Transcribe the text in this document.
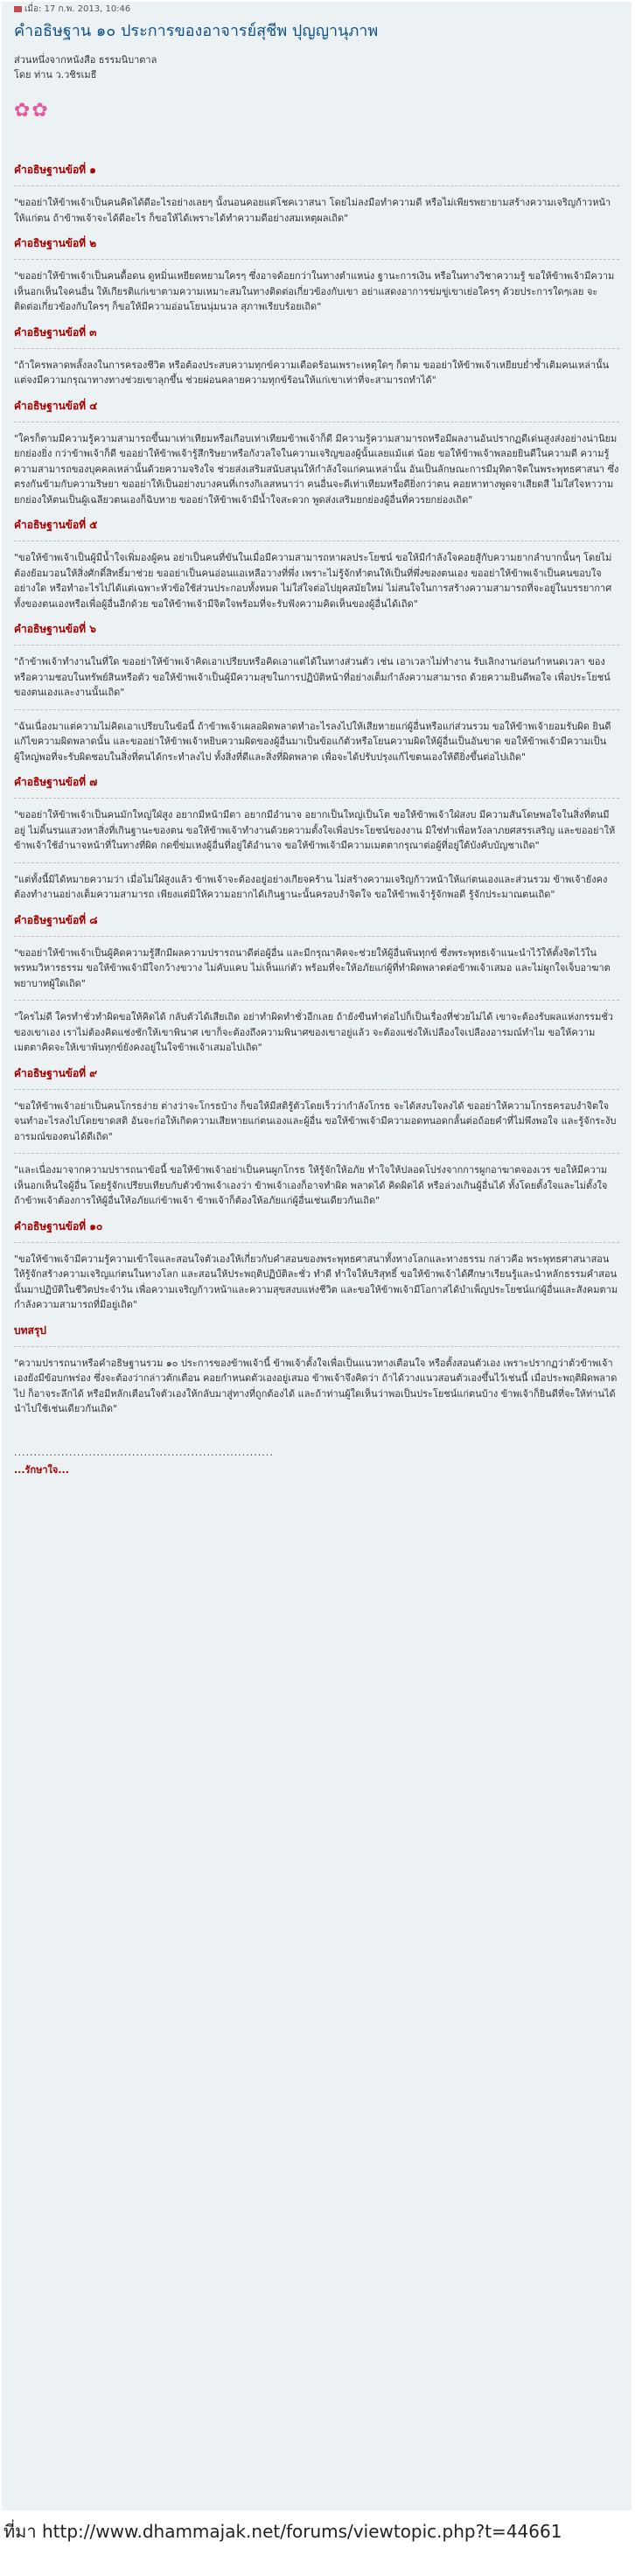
เมื่อ: 17 ก.พ. 2013, 10:46
คำอธิษฐาน ๑๐ ประการของอาจารย์สุชีพ ปุญญานุภาพ

ส่วนหนึ่งจากหนังสือ ธรรมนิบาตาล

โดย ท่าน ว.วชิรเมธี

✿✿
คำอธิษฐานข้อที่ ๑

"ขออย่าให้ข้าพเจ้าเป็นคนคิดได้ดีอะไรอย่างเลยๆ นั้งนอนคอยแต่โชคเวาสนา โดยไม่ลงมือทำความดี หรือไม่เพียรพยายามสร้างความเจริญก้าวหน้าให้แก่ตน ถ้าข้าพเจ้าจะได้ดีอะไร ก็ขอให้ได้เพราะได้ทำความดีอย่างสมเหตุผลเถิด"

คำอธิษฐานข้อที่ ๒

"ขออย่าให้ข้าพเจ้าเป็นคนดื้อดน ดูหมิ่นเหยียดหยามใครๆ ซึ่งอาจด้อยกว่าในทางตำแหน่ง ฐานะการเงิน หรือในทางวิชาความรู้ ขอให้ข้าพเจ้ามีความเห็นอกเห็นใจคนอื่น ให้เกียรติแก่เขาตามความเหมาะสมในทางติดต่อเกี่ยวข้องกับเขา อย่าแสดงอาการข่มขู่เขาเย่อใครๆ ด้วยประการใดๆเลย จะติดต่อเกี่ยวข้องกับใครๆ ก็ขอให้มีความอ่อนโยนนุ่มนวล สุภาพเรียบร้อยเถิด"

คำอธิษฐานข้อที่ ๓

"ถ้าใครพลาดพลั้งลงในการครองชีวิต หรือต้องประสบความทุกข์ความเดือดร้อนเพราะเหตุใดๆ ก็ตาม ขออย่าให้ข้าพเจ้าเหยียบย่ำซ้ำเติมคนเหล่านั้น แต่จงมีความกรุณาทางทางช่วยเขาลุกขึ้น ช่วยผ่อนคลายความทุกข์ร้อนให้แก่เขาเท่าที่จะสามารถทำได้"

คำอธิษฐานข้อที่ ๔

"ใครก็ตามมีความรู้ความสามารถขึ้นมาเท่าเทียมหรือเกือบเท่าเทียมข้าพเจ้าก็ดี มีความรู้ความสามารถหรือมีผลงานอันปรากฏดีเด่นสูงส่งอย่างน่านิยมยกย่องยิ่ง กว่าข้าพเจ้าก็ดี ขออย่าให้ข้าพเจ้ารู้สึกริษยาหรือกังวลใจในความเจริญของผู้นั้นเลยแม้แต่ น้อย ขอให้ข้าพเจ้าพลอยยินดีในความดี ความรู้ ความสามารถของบุคคลเหล่านั้นด้วยความจริงใจ ช่วยส่งเสริมสนับสนุนให้กำลังใจแก่คนเหล่านั้น อันเป็นลักษณะการมีมุทิตาจิตในพระพุทธศาสนา ซึ่งตรงกันข้ามกับความริษยา ขออย่าให้เป็นอย่างบางคนที่เกรงกิเลสหนาว่า คนอื่นจะดีเท่าเทียมหรือดียิ่งกว่าตน คอยหาทางพูดจาเสียดสี ไม่ใส่ใจหาวามยกย่องให้ตนเป็นผู้เฉลียวตนเองก็ฉิบหาย ขออย่าให้ข้าพเจ้ามีน้ำใจสะดวก พูดส่งเสริมยกย่องผู้อื่นที่ควรยกย่องเถิด"

คำอธิษฐานข้อที่ ๕

"ขอให้ข้าพเจ้าเป็นผู้มีน้ำใจเพิ่มองผู้คน อย่าเป็นคนที่ขันในเมื่อมีความสามารถหาผลประโยชน์ ขอให้มีกำลังใจคอยสู้กับความยากลำบากนั้นๆ โดยไม่ต้องย้อมวอนให้สิ่งศักดิ์สิทธิ์มาช่วย ขออย่าเป็นคนอ่อนแอเหลือวางที่พึ่ง เพราะไม่รู้จักทำตนให้เป็นที่พึ่งของตนเอง ขออย่าให้ข้าพเจ้าเป็นคนขอบใจอย่างใด หรือทำอะไรไปได้แต่เฉพาะหัวข้อใช้ส่วนประกอบทั้งหมด ไม่ใส่ใจต่อไปยุคสมัยใหม่ ไม่สนใจในการสร้างความสามารถที่จะอยู่ในบรรยากาศทั้งของตนเองหรือเพื่อผู้อื่นอีกด้วย ขอให้ข้าพเจ้ามีจิตใจพร้อมที่จะรับฟังความคิดเห็นของผู้อื่นได้เถิด"

คำอธิษฐานข้อที่ ๖

"ถ้าข้าพเจ้าทำงานในที่ใด ขออย่าให้ข้าพเจ้าคิดเอาเปรียบหรือคิดเอาแต่ได้ในทางส่วนตัว เช่น เอาเวลาไม่ทำงาน รับเลิกงานก่อนกำหนดเวลา ของหรือความชอบในทรัพย์สินหรือตัว ขอให้ข้าพเจ้าเป็นผู้มีความสุขในการปฏิบัติหน้าที่อย่างเต็มกำลังความสามารถ ด้วยความยินดีพอใจ เพื่อประโยชน์ของตนเองและงานนั้นเถิด"

"ฉันเนื่องมาแต่ความไม่คิดเอาเปรียบในข้อนี้ ถ้าข้าพเจ้าเผลอผิดพลาดทำอะไรลงไปให้เสียหายแก่ผู้อื่นหรือแก่ส่วนรวม ขอให้ข้าพเจ้ายอมรับผิด ยินดีแก้ไขความผิดพลาดนั้น และขออย่าให้ข้าพเจ้าหยิบความผิดของผู้อื่นมาเป็นข้อแก้ตัวหรือโยนความผิดให้ผู้อื่นเป็นอันขาด ขอให้ข้าพเจ้ามีความเป็นผู้ใหญ่พอที่จะรับผิดชอบในสิ่งที่ตนได้กระทำลงไป ทั้งสิ่งที่ดีและสิ่งที่ผิดพลาด เพื่อจะได้ปรับปรุงแก้ไขตนเองให้ดียิ่งขึ้นต่อไปเถิด"

คำอธิษฐานข้อที่ ๗

"ขออย่าให้ข้าพเจ้าเป็นคนมักใหญ่ใฝ่สูง อยากมีหน้ามีตา อยากมีอำนาจ อยากเป็นใหญ่เป็นโต ขอให้ข้าพเจ้าใฝ่สงบ มีความสันโดษพอใจในสิ่งที่ตนมีอยู่ ไม่ดิ้นรนแสวงหาสิ่งที่เกินฐานะของตน ขอให้ข้าพเจ้าทำงานด้วยความตั้งใจเพื่อประโยชน์ของงาน มิใช่ทำเพื่อหวังลาภยศสรรเสริญ และขออย่าให้ข้าพเจ้าใช้อำนาจหน้าที่ในทางที่ผิด กดขี่ข่มเหงผู้อื่นที่อยู่ใต้อำนาจ ขอให้ข้าพเจ้ามีความเมตตากรุณาต่อผู้ที่อยู่ใต้บังคับบัญชาเถิด"

"แต่ทั้งนี้มิได้หมายความว่า เมื่อไม่ใฝ่สูงแล้ว ข้าพเจ้าจะต้องอยู่อย่างเกียจคร้าน ไม่สร้างความเจริญก้าวหน้าให้แก่ตนเองและส่วนรวม ข้าพเจ้ายังคงต้องทำงานอย่างเต็มความสามารถ เพียงแต่มิให้ความอยากได้เกินฐานะนั้นครอบงำจิตใจ ขอให้ข้าพเจ้ารู้จักพอดี รู้จักประมาณตนเถิด"

คำอธิษฐานข้อที่ ๘

"ขออย่าให้ข้าพเจ้าเป็นผู้คิดความรู้สึกมีผลความปรารถนาดีต่อผู้อื่น และมีกรุณาคิดจะช่วยให้ผู้อื่นพ้นทุกข์ ซึ่งพระพุทธเจ้าแนะนำไว้ให้ตั้งจิตไว้ในพรหมวิหารธรรม ขอให้ข้าพเจ้ามีใจกว้างขวาง ไม่คับแคบ ไม่เห็นแก่ตัว พร้อมที่จะให้อภัยแก่ผู้ที่ทำผิดพลาดต่อข้าพเจ้าเสมอ และไม่ผูกใจเจ็บอาฆาตพยาบาทผู้ใดเถิด"

"ใครไม่ดี ใครทำชั่วทำผิดขอให้คิดได้ กลับตัวได้เสียเถิด อย่าทำผิดทำชั่วอีกเลย ถ้ายังขืนทำต่อไปก็เป็นเรื่องที่ช่วยไม่ได้ เขาจะต้องรับผลแห่งกรรมชั่วของเขาเอง เราไม่ต้องคิดแช่งชักให้เขาพินาศ เขาก็จะต้องถึงความพินาศของเขาอยู่แล้ว จะต้องแช่งให้เปลืองใจเปลืองอารมณ์ทำไม ขอให้ความเมตตาคิดจะให้เขาพ้นทุกข์ยังคงอยู่ในใจข้าพเจ้าเสมอไปเถิด"

คำอธิษฐานข้อที่ ๙

"ขอให้ข้าพเจ้าอย่าเป็นคนโกรธง่าย ต่างว่าจะโกรธบ้าง ก็ขอให้มีสติรู้ตัวโดยเร็วว่ากำลังโกรธ จะได้สงบใจลงได้ ขออย่าให้ความโกรธครอบงำจิตใจจนทำอะไรลงไปโดยขาดสติ อันจะก่อให้เกิดความเสียหายแก่ตนเองและผู้อื่น ขอให้ข้าพเจ้ามีความอดทนอดกลั้นต่อถ้อยคำที่ไม่พึงพอใจ และรู้จักระงับอารมณ์ของตนได้ดีเถิด"

"และเนื่องมาจากความปรารถนาข้อนี้ ขอให้ข้าพเจ้าอย่าเป็นคนผูกโกรธ ให้รู้จักให้อภัย ทำใจให้ปลอดโปร่งจากการผูกอาฆาตจองเวร ขอให้มีความเห็นอกเห็นใจผู้อื่น โดยรู้จักเปรียบเทียบกับตัวข้าพเจ้าเองว่า ข้าพเจ้าเองก็อาจทำผิด พลาดได้ คิดผิดได้ หรือล่วงเกินผู้อื่นได้ ทั้งโดยตั้งใจและไม่ตั้งใจ ถ้าข้าพเจ้าต้องการให้ผู้อื่นให้อภัยแก่ข้าพเจ้า ข้าพเจ้าก็ต้องให้อภัยแก่ผู้อื่นเช่นเดียวกันเถิด"

คำอธิษฐานข้อที่ ๑๐

"ขอให้ข้าพเจ้ามีความรู้ความเข้าใจและสอนใจตัวเองให้เกี่ยวกับคำสอนของพระพุทธศาสนาทั้งทางโลกและทางธรรม กล่าวคือ พระพุทธศาสนาสอนให้รู้จักสร้างความเจริญแก่ตนในทางโลก และสอนให้ประพฤติปฏิบัติละชั่ว ทำดี ทำใจให้บริสุทธิ์ ขอให้ข้าพเจ้าได้ศึกษาเรียนรู้และนำหลักธรรมคำสอนนั้นมาปฏิบัติในชีวิตประจำวัน เพื่อความเจริญก้าวหน้าและความสุขสงบแห่งชีวิต และขอให้ข้าพเจ้ามีโอกาสได้บำเพ็ญประโยชน์แก่ผู้อื่นและสังคมตามกำลังความสามารถที่มีอยู่เถิด"

บทสรุป

"ความปรารถนาหรือคำอธิษฐานรวม ๑๐ ประการของข้าพเจ้านี้ ข้าพเจ้าตั้งใจเพื่อเป็นแนวทางเตือนใจ หรือตั้งสอนตัวเอง เพราะปรากฏว่าตัวข้าพเจ้าเองยังมีข้อบกพร่อง ซึ่งจะต้องว่ากล่าวตักเตือน คอยกำหนดตัวเองอยู่เสมอ ข้าพเจ้าจึงคิดว่า ถ้าได้วางแนวสอนตัวเองขึ้นไว้เช่นนี้ เมื่อประพฤติผิดพลาดไป ก็อาจระลึกได้ หรือมีหลักเตือนใจตัวเองให้กลับมาสู่ทางที่ถูกต้องได้ และถ้าท่านผู้ใดเห็นว่าพอเป็นประโยชน์แก่ตนบ้าง ข้าพเจ้าก็ยินดีที่จะให้ท่านได้นำไปใช้เช่นเดียวกันเถิด"

..................................................................
...รักษาใจ...
ที่มา http://www.dhammajak.net/forums/viewtopic.php?t=44661
